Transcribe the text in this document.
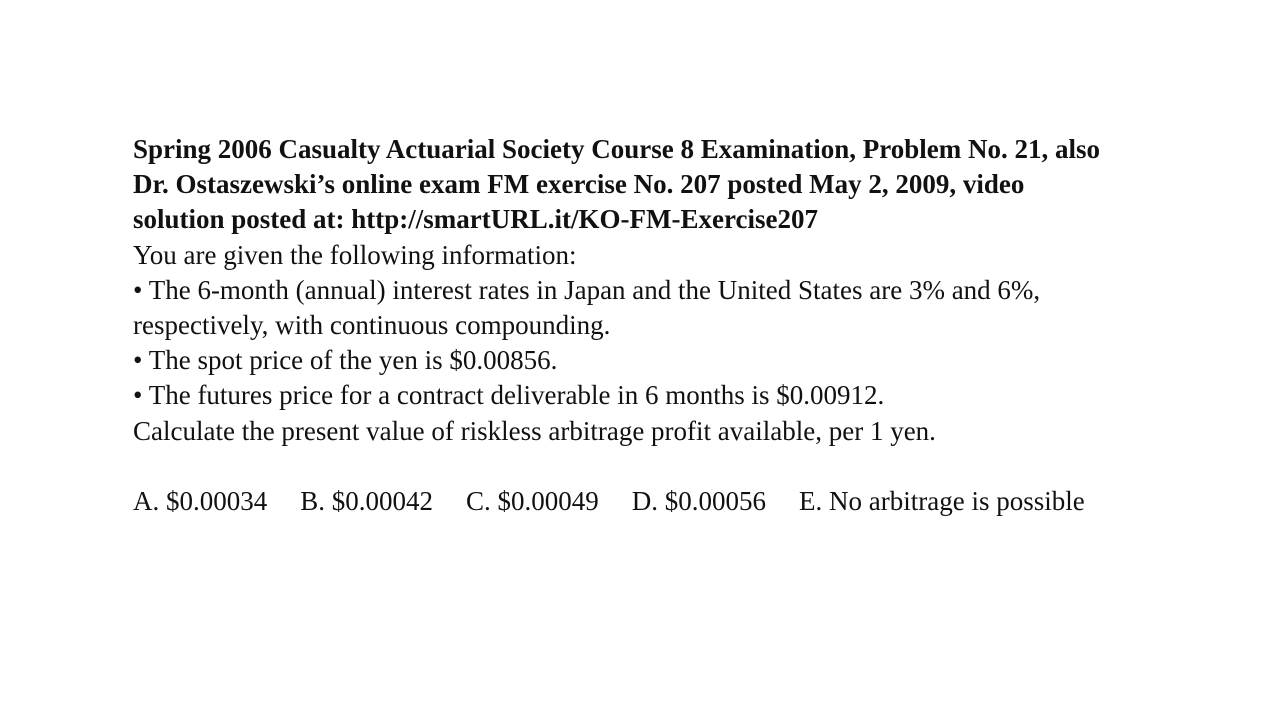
Spring 2006 Casualty Actuarial Society Course 8 Examination, Problem No. 21, also
Dr. Ostaszewski’s online exam FM exercise No. 207 posted May 2, 2009, video
solution posted at: http://smartURL.it/KO-FM-Exercise207
You are given the following information:
• The 6-month (annual) interest rates in Japan and the United States are 3% and 6%,
respectively, with continuous compounding.
• The spot price of the yen is $0.00856.
• The futures price for a contract deliverable in 6 months is $0.00912.
Calculate the present value of riskless arbitrage profit available, per 1 yen.
A. $0.00034 B. $0.00042 C. $0.00049 D. $0.00056 E. No arbitrage is possible
